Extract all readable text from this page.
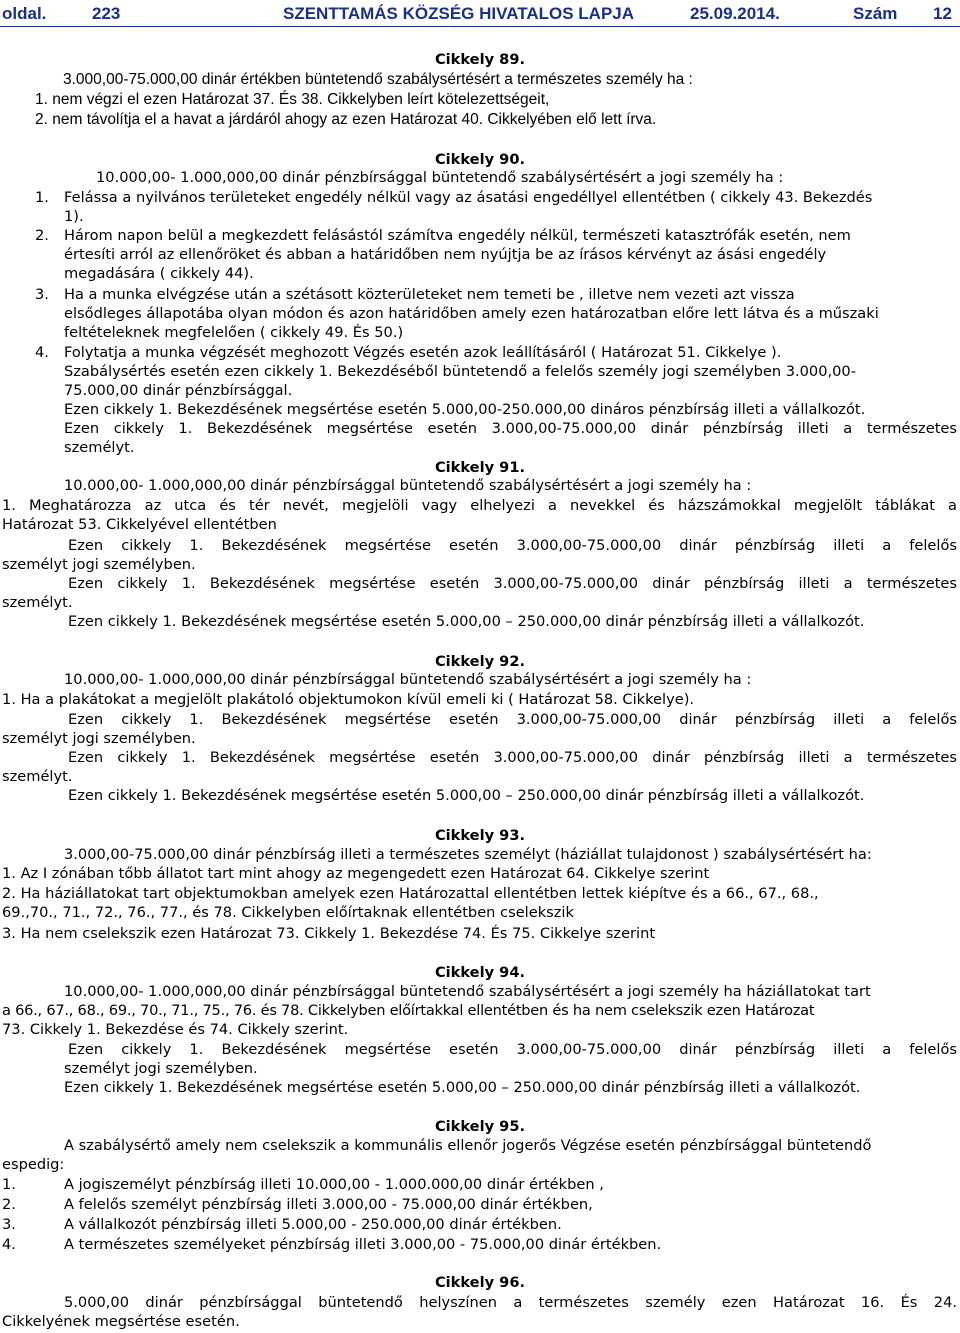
oldal.	223	SZENTTAMÁS KÖZSÉG HIVATALOS LAPJA	25.09.2014.	Szám 12
Cikkely 89.
3.000,00-75.000,00 dinár értékben büntetendő szabálysértésért a természetes személy ha :
1. nem végzi el ezen Határozat 37. És 38. Cikkelyben leírt kötelezettségeit,
2. nem távolítja el a havat a járdáról ahogy az ezen Határozat 40. Cikkelyében elő lett írva.
Cikkely 90.
10.000,00- 1.000,000,00 dinár pénzbírsággal büntetendő szabálysértésért a jogi személy ha :
1. Felássa a nyilvános területeket engedély nélkül vagy az ásatási engedéllyel ellentétben ( cikkely 43. Bekezdés
1).
2. Három napon belül a megkezdett felásástól számítva engedély nélkül, természeti katasztrófák esetén, nem
értesíti arról az ellenőröket és abban a határidőben nem nyújtja be az írásos kérvényt az ásási engedély
megadására ( cikkely 44).
3. Ha a munka elvégzése után a szétásott közterületeket nem temeti be , illetve nem vezeti azt vissza
elsődleges állapotába olyan módon és azon határidőben amely ezen határozatban előre lett látva és a műszaki
feltételeknek megfelelően ( cikkely 49. És 50.)
4. Folytatja a munka végzését meghozott Végzés esetén azok leállításáról ( Határozat 51. Cikkelye ).
Szabálysértés esetén ezen cikkely 1. Bekezdéséből büntetendő a felelős személy jogi személyben 3.000,00-
75.000,00 dinár pénzbírsággal.
Ezen cikkely 1. Bekezdésének megsértése esetén 5.000,00-250.000,00 dináros pénzbírság illeti a vállalkozót.
Ezen cikkely 1. Bekezdésének megsértése esetén 3.000,00-75.000,00 dinár pénzbírság illeti a természetes
személyt.
Cikkely 91.
10.000,00- 1.000,000,00 dinár pénzbírsággal büntetendő szabálysértésért a jogi személy ha :
1. Meghatározza az utca és tér nevét, megjelöli vagy elhelyezi a nevekkel és házszámokkal megjelölt táblákat a
Határozat 53. Cikkelyével ellentétben
Ezen cikkely 1. Bekezdésének megsértése esetén 3.000,00-75.000,00 dinár pénzbírság illeti a felelős
személyt jogi személyben.
Ezen cikkely 1. Bekezdésének megsértése esetén 3.000,00-75.000,00 dinár pénzbírság illeti a természetes
személyt.
Ezen cikkely 1. Bekezdésének megsértése esetén 5.000,00 – 250.000,00 dinár pénzbírság illeti a vállalkozót.
Cikkely 92.
10.000,00- 1.000,000,00 dinár pénzbírsággal büntetendő szabálysértésért a jogi személy ha :
1. Ha a plakátokat a megjelölt plakátoló objektumokon kívül emeli ki ( Határozat 58. Cikkelye).
Ezen cikkely 1. Bekezdésének megsértése esetén 3.000,00-75.000,00 dinár pénzbírság illeti a felelős
személyt jogi személyben.
Ezen cikkely 1. Bekezdésének megsértése esetén 3.000,00-75.000,00 dinár pénzbírság illeti a természetes
személyt.
Ezen cikkely 1. Bekezdésének megsértése esetén 5.000,00 – 250.000,00 dinár pénzbírság illeti a vállalkozót.
Cikkely 93.
3.000,00-75.000,00 dinár pénzbírság illeti a természetes személyt (háziállat tulajdonost ) szabálysértésért ha:
1. Az I zónában tőbb állatot tart mint ahogy az megengedett ezen Határozat 64. Cikkelye szerint
2. Ha háziállatokat tart objektumokban amelyek ezen Határozattal ellentétben lettek kiépítve és a 66., 67., 68.,
69.,70., 71., 72., 76., 77., és 78. Cikkelyben előírtaknak ellentétben cselekszik
3. Ha nem cselekszik ezen Határozat 73. Cikkely 1. Bekezdése 74. És 75. Cikkelye szerint
Cikkely 94.
10.000,00- 1.000,000,00 dinár pénzbírsággal büntetendő szabálysértésért a jogi személy ha háziállatokat tart
a 66., 67., 68., 69., 70., 71., 75., 76. és 78. Cikkelyben előírtakkal ellentétben és ha nem cselekszik ezen Határozat
73. Cikkely 1. Bekezdése és 74. Cikkely szerint.
Ezen cikkely 1. Bekezdésének megsértése esetén 3.000,00-75.000,00 dinár pénzbírság illeti a felelős
személyt jogi személyben.
Ezen cikkely 1. Bekezdésének megsértése esetén 5.000,00 – 250.000,00 dinár pénzbírság illeti a vállalkozót.
Cikkely 95.
A szabálysértő amely nem cselekszik a kommunális ellenőr jogerős Végzése esetén pénzbírsággal büntetendő
espedig:
1.	A jogiszemélyt pénzbírság illeti 10.000,00 - 1.000.000,00 dinár értékben ,
2.	A felelős személyt pénzbírság illeti 3.000,00 - 75.000,00 dinár értékben,
3.	A vállalkozót pénzbírság illeti 5.000,00 - 250.000,00 dinár értékben.
4.	A természetes személyeket pénzbírság illeti 3.000,00 - 75.000,00 dinár értékben.
Cikkely 96.
5.000,00 dinár pénzbírsággal büntetendő helyszínen a természetes személy ezen Határozat 16. És 24.
Cikkelyének megsértése esetén.
